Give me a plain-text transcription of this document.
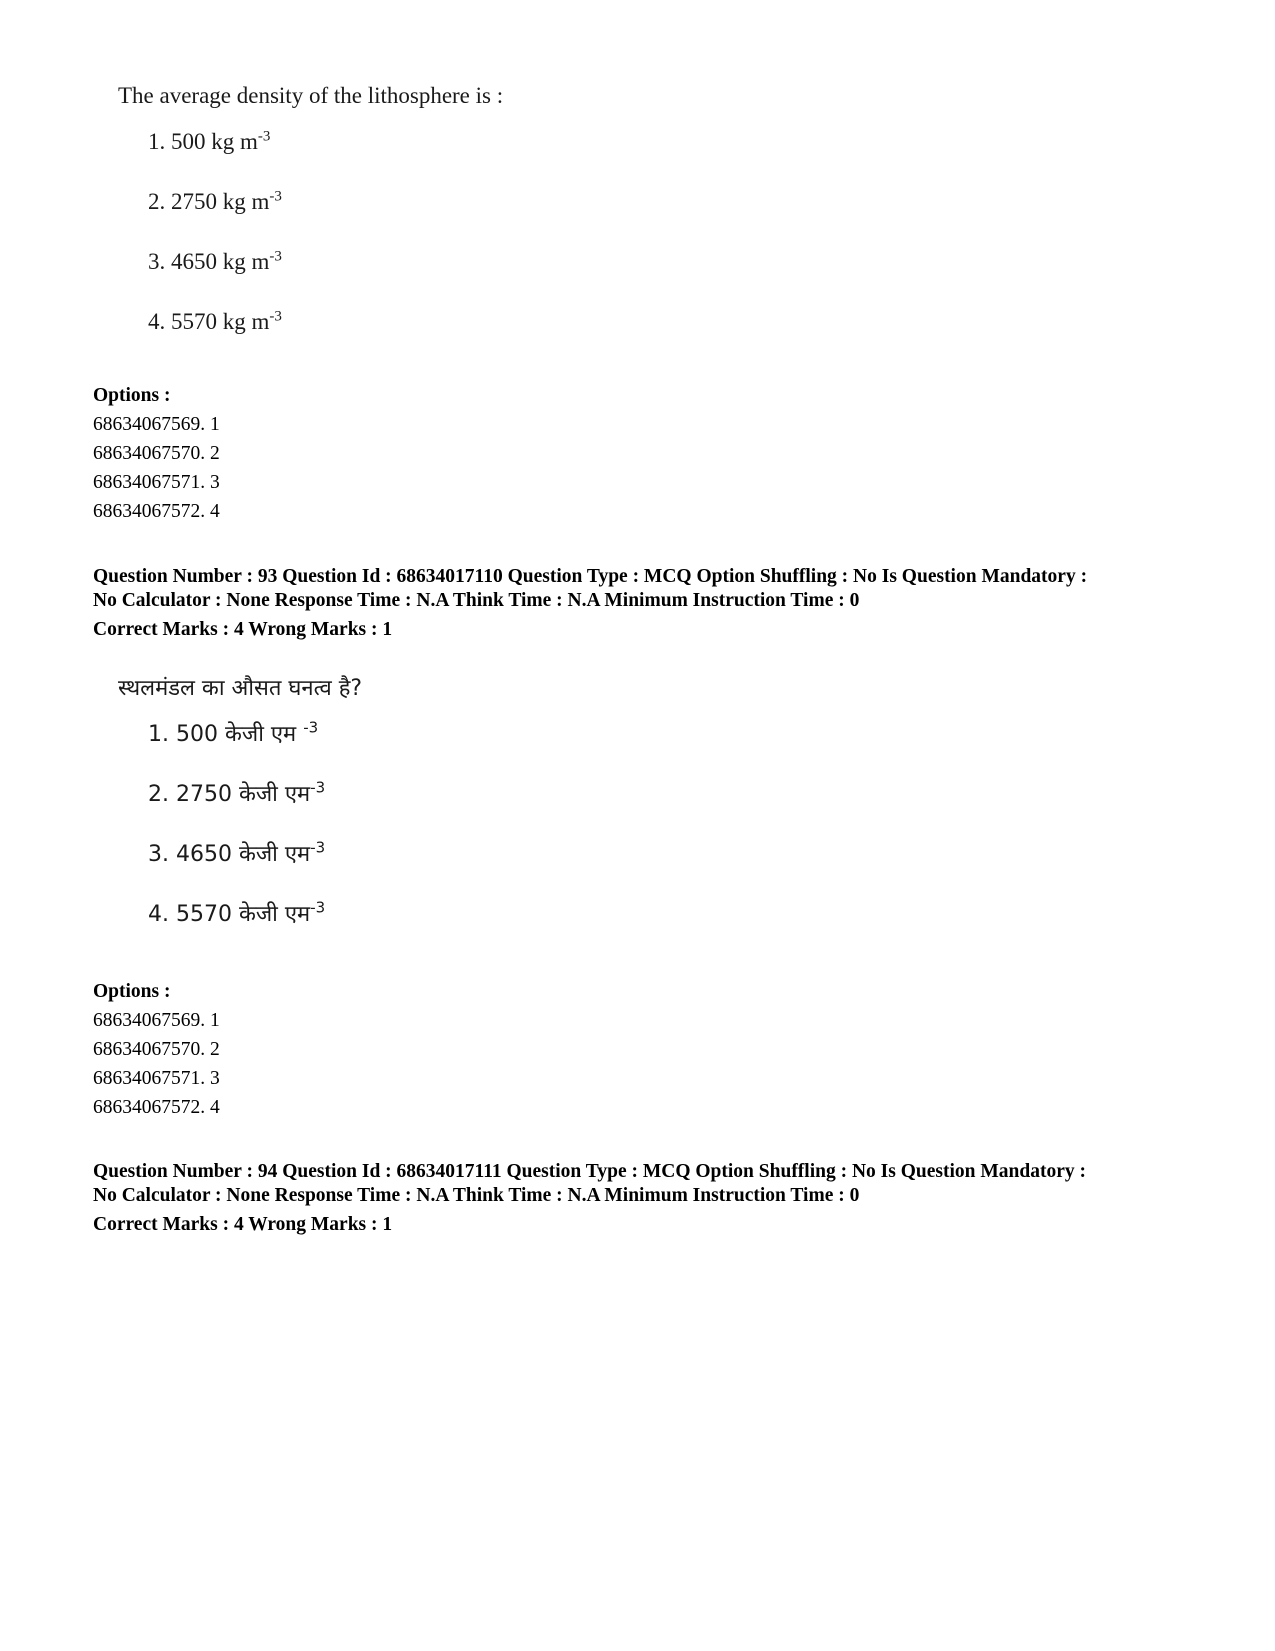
The average density of the lithosphere is :

1. 500 kg $m^{-3}$
2. 2750 kg $m^{-3}$
3. 4650 kg $m^{-3}$
4. 5570 kg $m^{-3}$
Options :
68634067569. 1
68634067570. 2
68634067571. 3
68634067572. 4
Question Number : 93 Question Id : 68634017110 Question Type : MCQ Option Shuffling : No Is Question Mandatory :
No Calculator : None Response Time : N.A Think Time : N.A Minimum Instruction Time : 0
Correct Marks : 4 Wrong Marks : 1

स्थलमंडल का औसत घनत्व है?

1. 500 केजी एम $^{-3}$
2. 2750 केजी एम$^{-3}$
3. 4650 केजी एम$^{-3}$
4. 5570 केजी एम$^{-3}$
Options :
68634067569. 1
68634067570. 2
68634067571. 3
68634067572. 4
Question Number : 94 Question Id : 68634017111 Question Type : MCQ Option Shuffling : No Is Question Mandatory :
No Calculator : None Response Time : N.A Think Time : N.A Minimum Instruction Time : 0
Correct Marks : 4 Wrong Marks : 1
